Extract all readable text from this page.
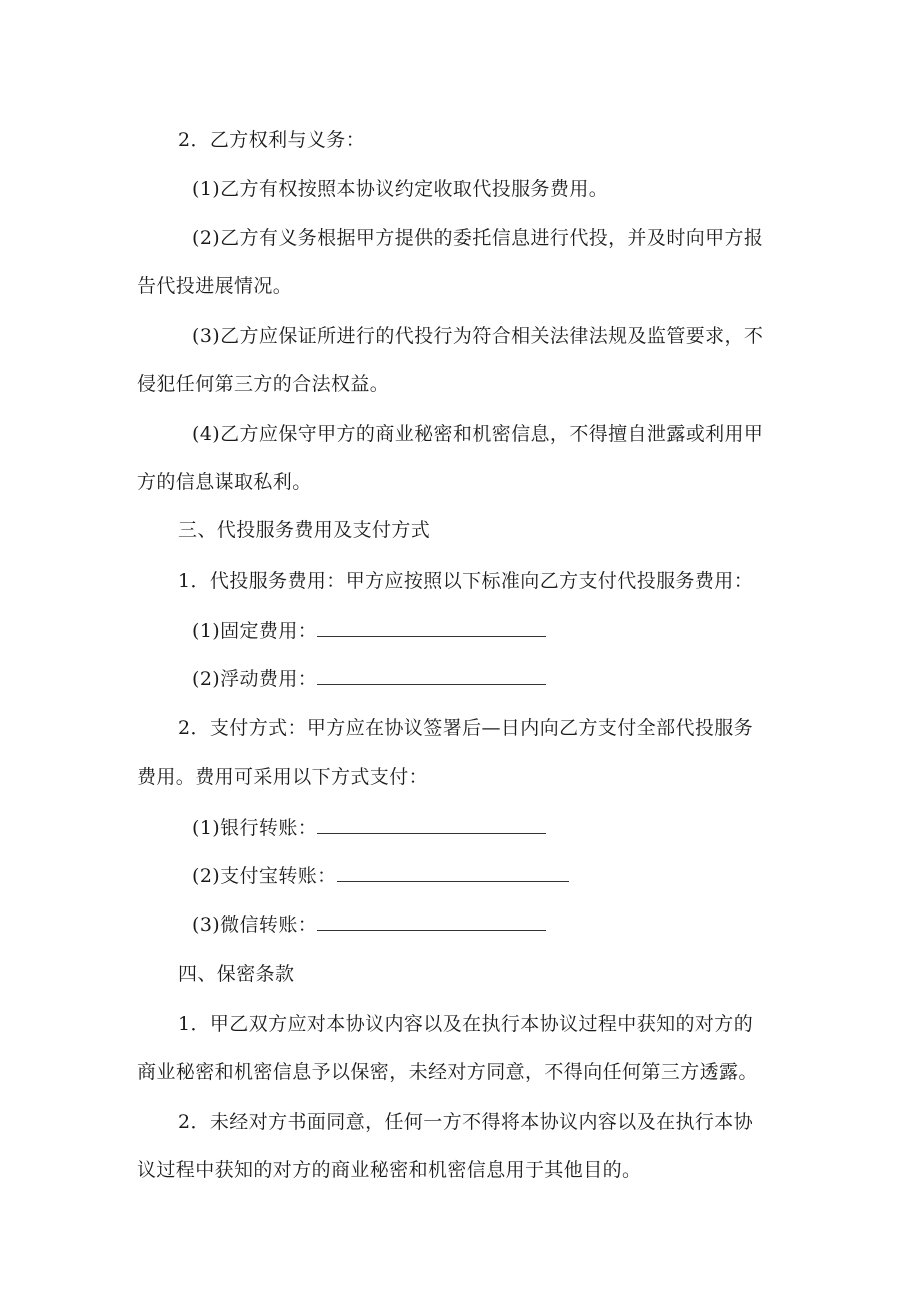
2．乙方权利与义务：
(1)乙方有权按照本协议约定收取代投服务费用。
(2)乙方有义务根据甲方提供的委托信息进行代投，并及时向甲方报
告代投进展情况。
(3)乙方应保证所进行的代投行为符合相关法律法规及监管要求，不
侵犯任何第三方的合法权益。
(4)乙方应保守甲方的商业秘密和机密信息，不得擅自泄露或利用甲
方的信息谋取私利。
三、代投服务费用及支付方式
1．代投服务费用：甲方应按照以下标准向乙方支付代投服务费用：
(1)固定费用：
(2)浮动费用：
2．支付方式：甲方应在协议签署后—日内向乙方支付全部代投服务
费用。费用可采用以下方式支付：
(1)银行转账：
(2)支付宝转账：
(3)微信转账：
四、保密条款
1．甲乙双方应对本协议内容以及在执行本协议过程中获知的对方的
商业秘密和机密信息予以保密，未经对方同意，不得向任何第三方透露。
2．未经对方书面同意，任何一方不得将本协议内容以及在执行本协
议过程中获知的对方的商业秘密和机密信息用于其他目的。
